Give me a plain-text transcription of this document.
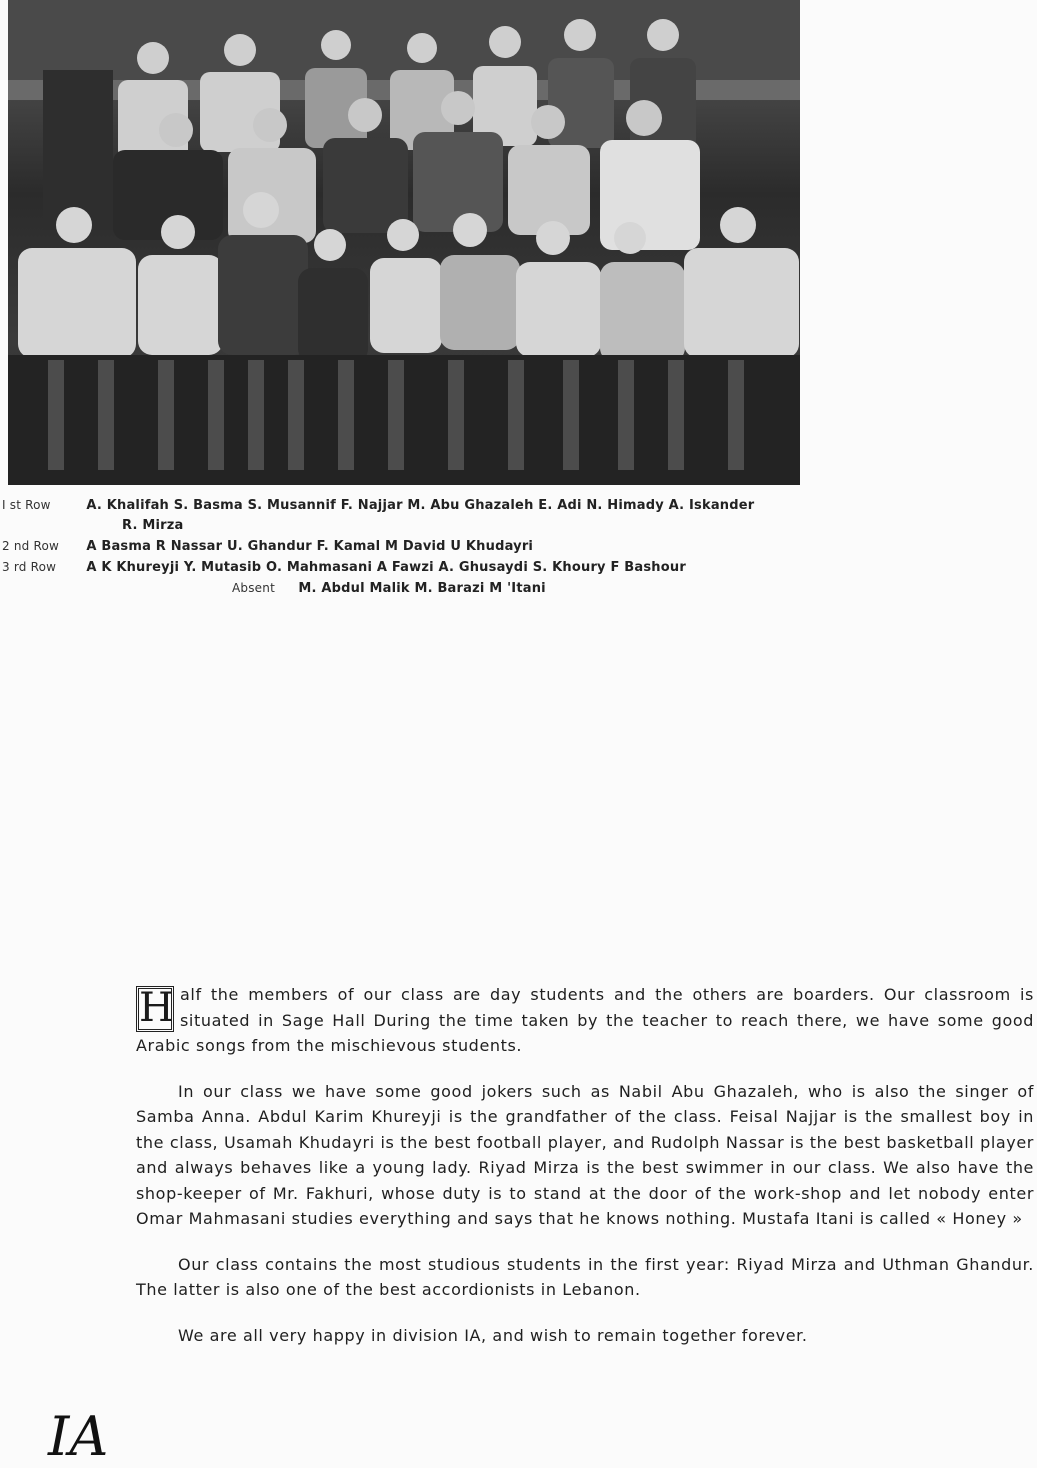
I st Row	A. Khalifah S. Basma S. Musannif F. Najjar M. Abu Ghazaleh E. Adi N. Himady A. Iskander
R. Mirza
2 nd Row A Basma R Nassar U. Ghandur F. Kamal M David U Khudayri
3 rd Row A K Khureyji Y. Mutasib O. Mahmasani A Fawzi A. Ghusaydi S. Khoury F Bashour
Absent M. Abdul Malik M. Barazi M 'Itani

H alf the members of our class are day students and the others are boarders. Our classroom is situated in Sage Hall During the time taken by the teacher to reach there, we have some good Arabic songs from the mischievous students.

In our class we have some good jokers such as Nabil Abu Ghazaleh, who is also the singer of Samba Anna. Abdul Karim Khureyji is the grandfather of the class. Feisal Najjar is the smallest boy in the class, Usamah Khudayri is the best football player, and Rudolph Nassar is the best basketball player and always behaves like a young lady. Riyad Mirza is the best swimmer in our class. We also have the shop-keeper of Mr. Fakhuri, whose duty is to stand at the door of the work-shop and let nobody enter Omar Mahmasani studies everything and says that he knows nothing. Mustafa Itani is called « Honey »

Our class contains the most studious students in the first year: Riyad Mirza and Uthman Ghandur. The latter is also one of the best accordionists in Lebanon.

We are all very happy in division IA, and wish to remain together forever.

IA
